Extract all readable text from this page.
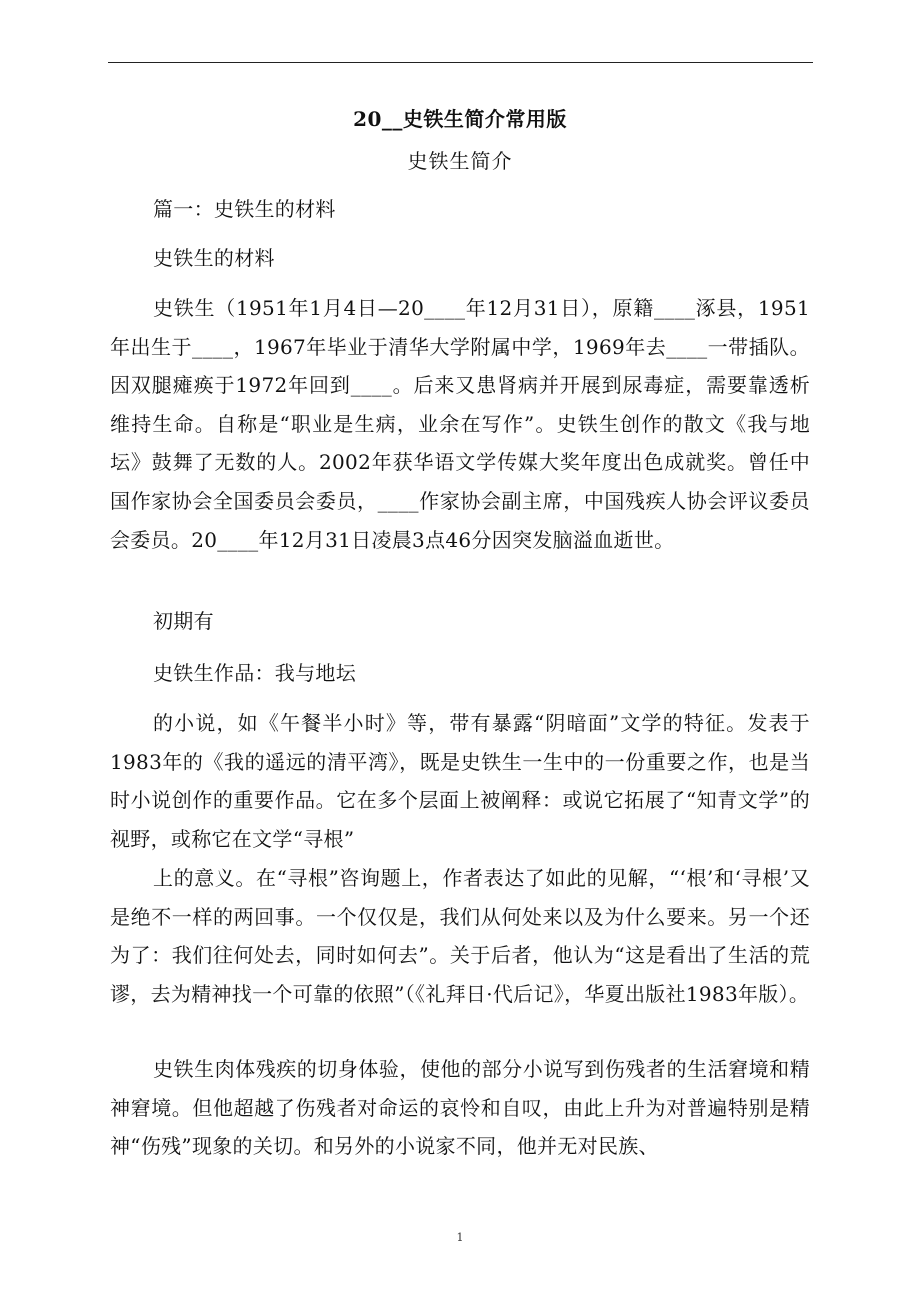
20__史铁生简介常用版
史铁生简介

篇一：史铁生的材料

史铁生的材料

史铁生（1951年1月4日—20____年12月31日），原籍____涿县，1951年出生于____，1967年毕业于清华大学附属中学，1969年去____一带插队。因双腿瘫痪于1972年回到____。后来又患肾病并开展到尿毒症，需要靠透析维持生命。自称是“职业是生病，业余在写作”。史铁生创作的散文《我与地坛》鼓舞了无数的人。2002年获华语文学传媒大奖年度出色成就奖。曾任中国作家协会全国委员会委员，____作家协会副主席，中国残疾人协会评议委员会委员。20____年12月31日凌晨3点46分因突发脑溢血逝世。

初期有

史铁生作品：我与地坛

的小说，如《午餐半小时》等，带有暴露“阴暗面”文学的特征。发表于1983年的《我的遥远的清平湾》，既是史铁生一生中的一份重要之作，也是当时小说创作的重要作品。它在多个层面上被阐释：或说它拓展了“知青文学”的视野，或称它在文学“寻根”

上的意义。在“寻根”咨询题上，作者表达了如此的见解，“‘根’和‘寻根’又是绝不一样的两回事。一个仅仅是，我们从何处来以及为什么要来。另一个还为了：我们往何处去，同时如何去”。关于后者，他认为“这是看出了生活的荒谬，去为精神找一个可靠的依照”（《礼拜日·代后记》，华夏出版社1983年版）。

史铁生肉体残疾的切身体验，使他的部分小说写到伤残者的生活窘境和精神窘境。但他超越了伤残者对命运的哀怜和自叹，由此上升为对普遍特别是精神“伤残”现象的关切。和另外的小说家不同，他并无对民族、

1
